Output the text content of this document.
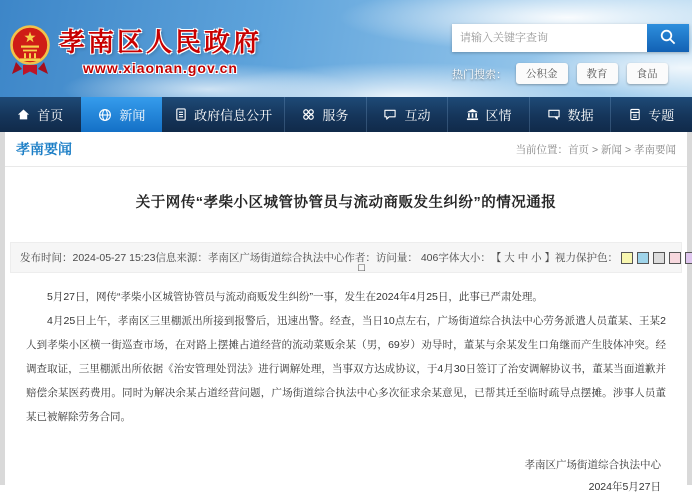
孝南区人民政府
www.xiaonan.gov.cn
请输入关键字查询	热门搜索：	公积金	教育	食品
首页	新闻	政府信息公开	服务	互动	区情	数据	专题
孝南要闻	当前位置：首页 > 新闻 > 孝南要闻
关于网传“孝柴小区城管协管员与流动商贩发生纠纷”的情况通报
发布时间： 2024-05-27 15:23 信息来源： 孝南区广场街道综合执法中心 作者：
□
访问量：
406 字体大小： 【 大 中 小 】 视力保护色：

5月27日，网传“孝柴小区城管协管员与流动商贩发生纠纷”一事，发生在2024年4月25日，此事已严肃处理。

4月25日上午，孝南区三里棚派出所接到报警后，迅速出警。经查，当日10点左右，广场街道综合执法中心劳务派遣人员董某、王某2人到孝柴小区横一街巡查市场，在对路上摆摊占道经营的流动菜贩余某（男，69岁）劝导时，董某与余某发生口角继而产生肢体冲突。经调查取证，三里棚派出所依据《治安管理处罚法》进行调解处理，当事双方达成协议，于4月30日签订了治安调解协议书，董某当面道歉并赔偿余某医药费用。同时为解决余某占道经营问题，广场街道综合执法中心多次征求余某意见，已帮其迁至临时疏导点摆摊。涉事人员董某已被解除劳务合同。

孝南区广场街道综合执法中心
2024年5月27日
